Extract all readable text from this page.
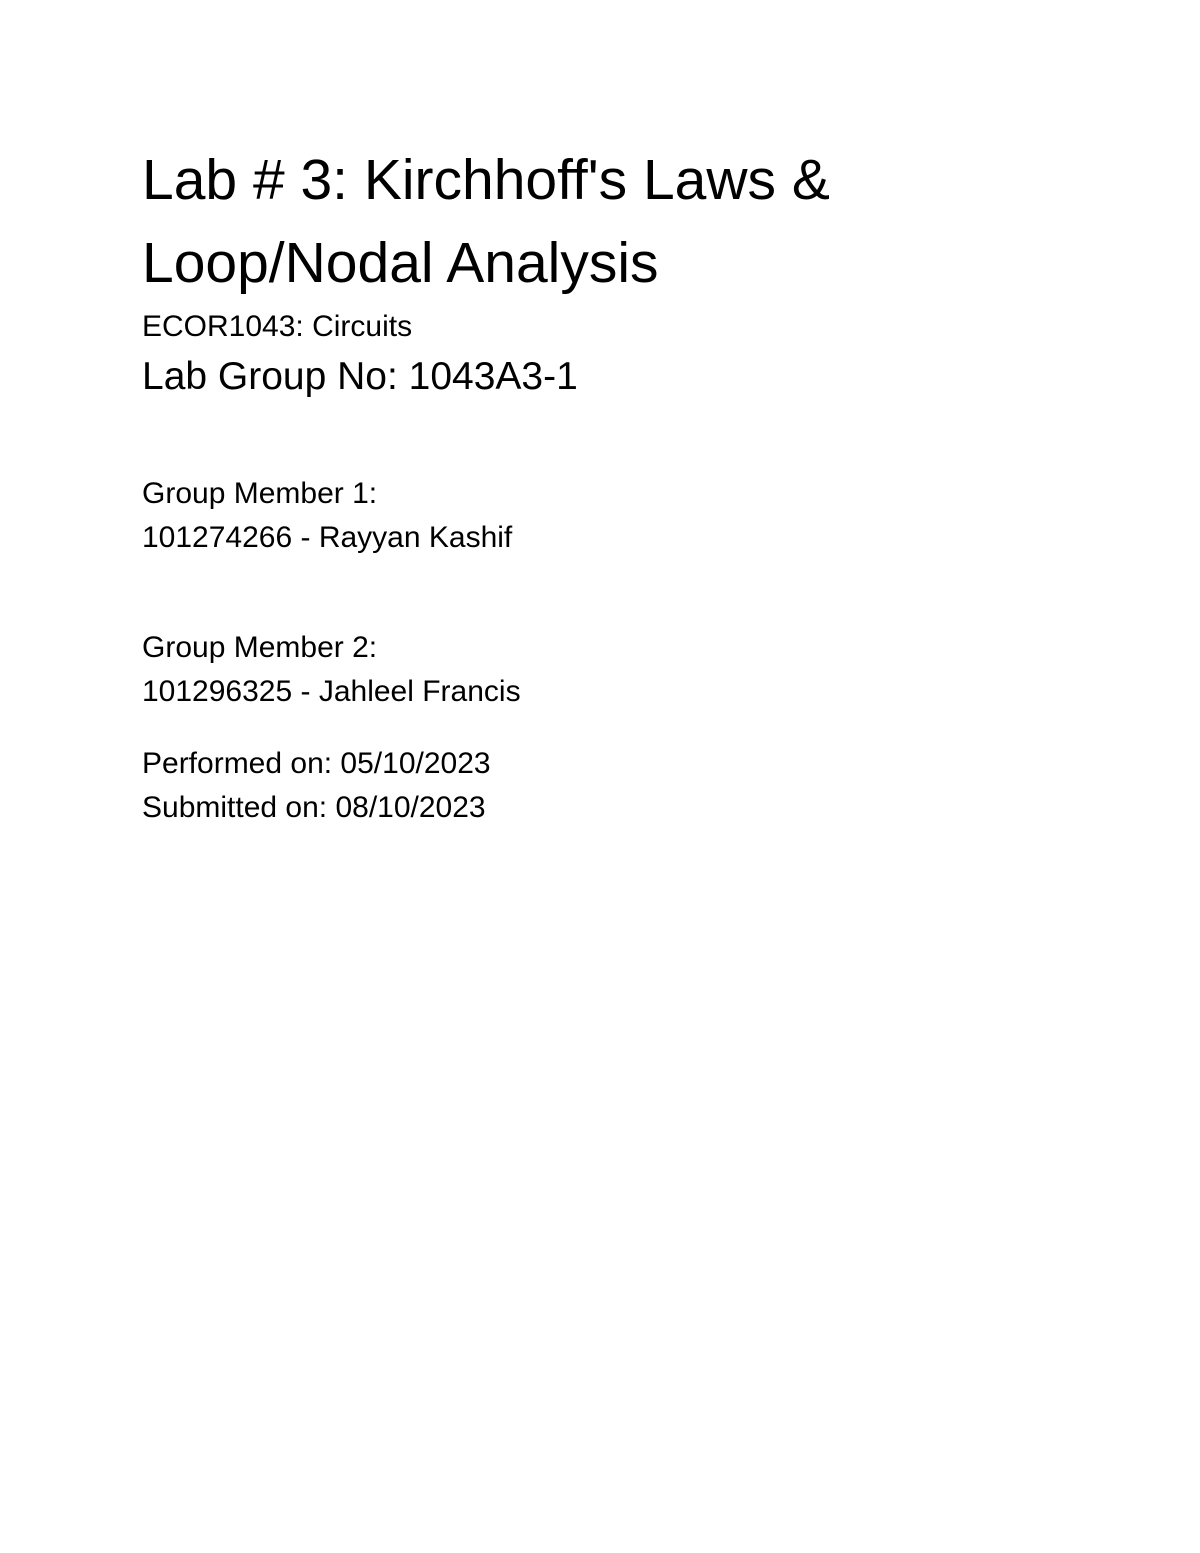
Lab # 3: Kirchhoff's Laws &
Loop/Nodal Analysis
ECOR1043: Circuits
Lab Group No: 1043A3-1
Group Member 1:
101274266 - Rayyan Kashif
Group Member 2:
101296325 - Jahleel Francis
Performed on: 05/10/2023
Submitted on: 08/10/2023
